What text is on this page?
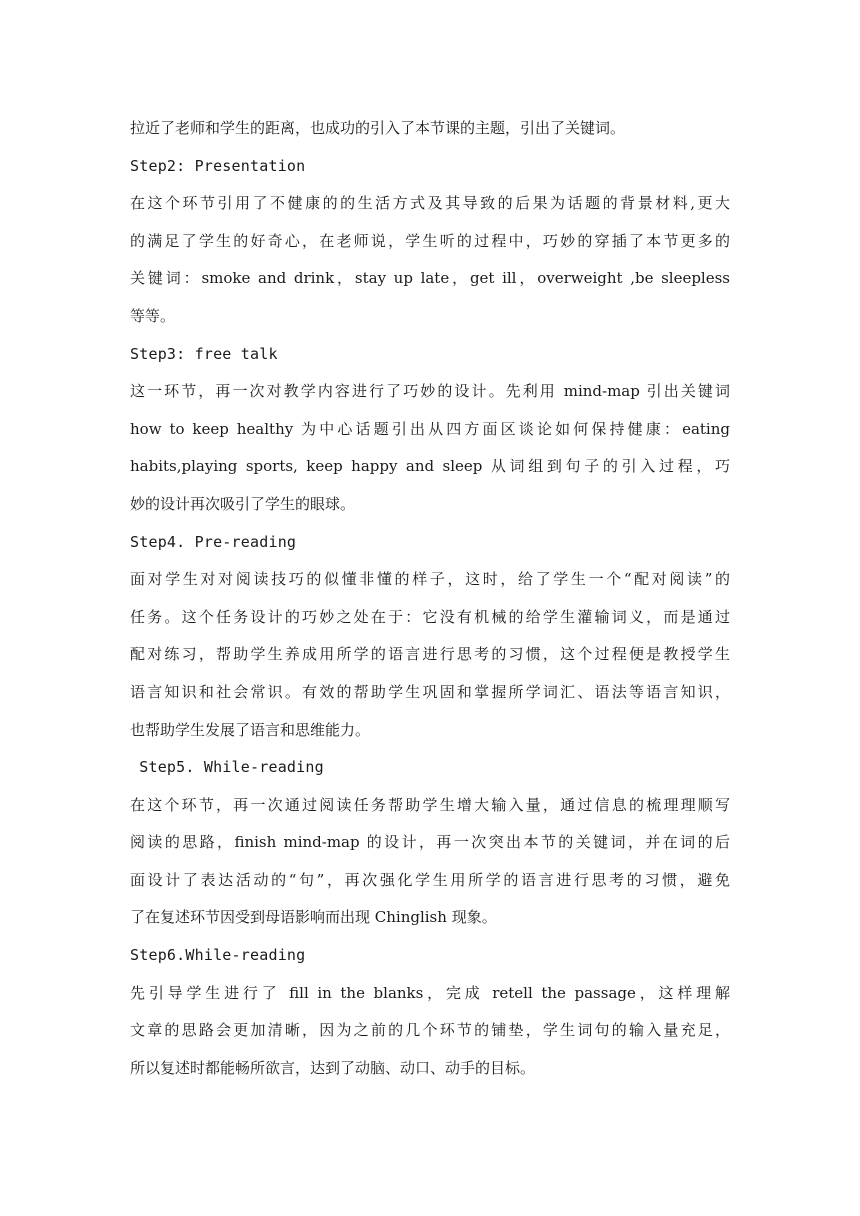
拉近了老师和学生的距离，也成功的引入了本节课的主题，引出了关键词。
Step2: Presentation
在这个环节引用了不健康的的生活方式及其导致的后果为话题的背景材料,更大
的满足了学生的好奇心，在老师说，学生听的过程中，巧妙的穿插了本节更多的
关键词：smoke and drink，stay up late，get ill，overweight ,be sleepless
等等。
Step3: free talk
这一环节，再一次对教学内容进行了巧妙的设计。先利用 mind-map 引出关键词
how to keep healthy 为中心话题引出从四方面区谈论如何保持健康：eating
habits,playing sports, keep happy and sleep 从词组到句子的引入过程，巧
妙的设计再次吸引了学生的眼球。
Step4. Pre-reading
面对学生对对阅读技巧的似懂非懂的样子，这时，给了学生一个“配对阅读”的
任务。这个任务设计的巧妙之处在于：它没有机械的给学生灌输词义，而是通过
配对练习，帮助学生养成用所学的语言进行思考的习惯，这个过程便是教授学生
语言知识和社会常识。有效的帮助学生巩固和掌握所学词汇、语法等语言知识，
也帮助学生发展了语言和思维能力。
Step5. While-reading
在这个环节，再一次通过阅读任务帮助学生增大输入量，通过信息的梳理理顺写
阅读的思路，finish mind-map 的设计，再一次突出本节的关键词，并在词的后
面设计了表达活动的“句”，再次强化学生用所学的语言进行思考的习惯，避免
了在复述环节因受到母语影响而出现 Chinglish 现象。
Step6.While-reading
先引导学生进行了 fill in the blanks，完成 retell the passage，这样理解
文章的思路会更加清晰，因为之前的几个环节的铺垫，学生词句的输入量充足，
所以复述时都能畅所欲言，达到了动脑、动口、动手的目标。
